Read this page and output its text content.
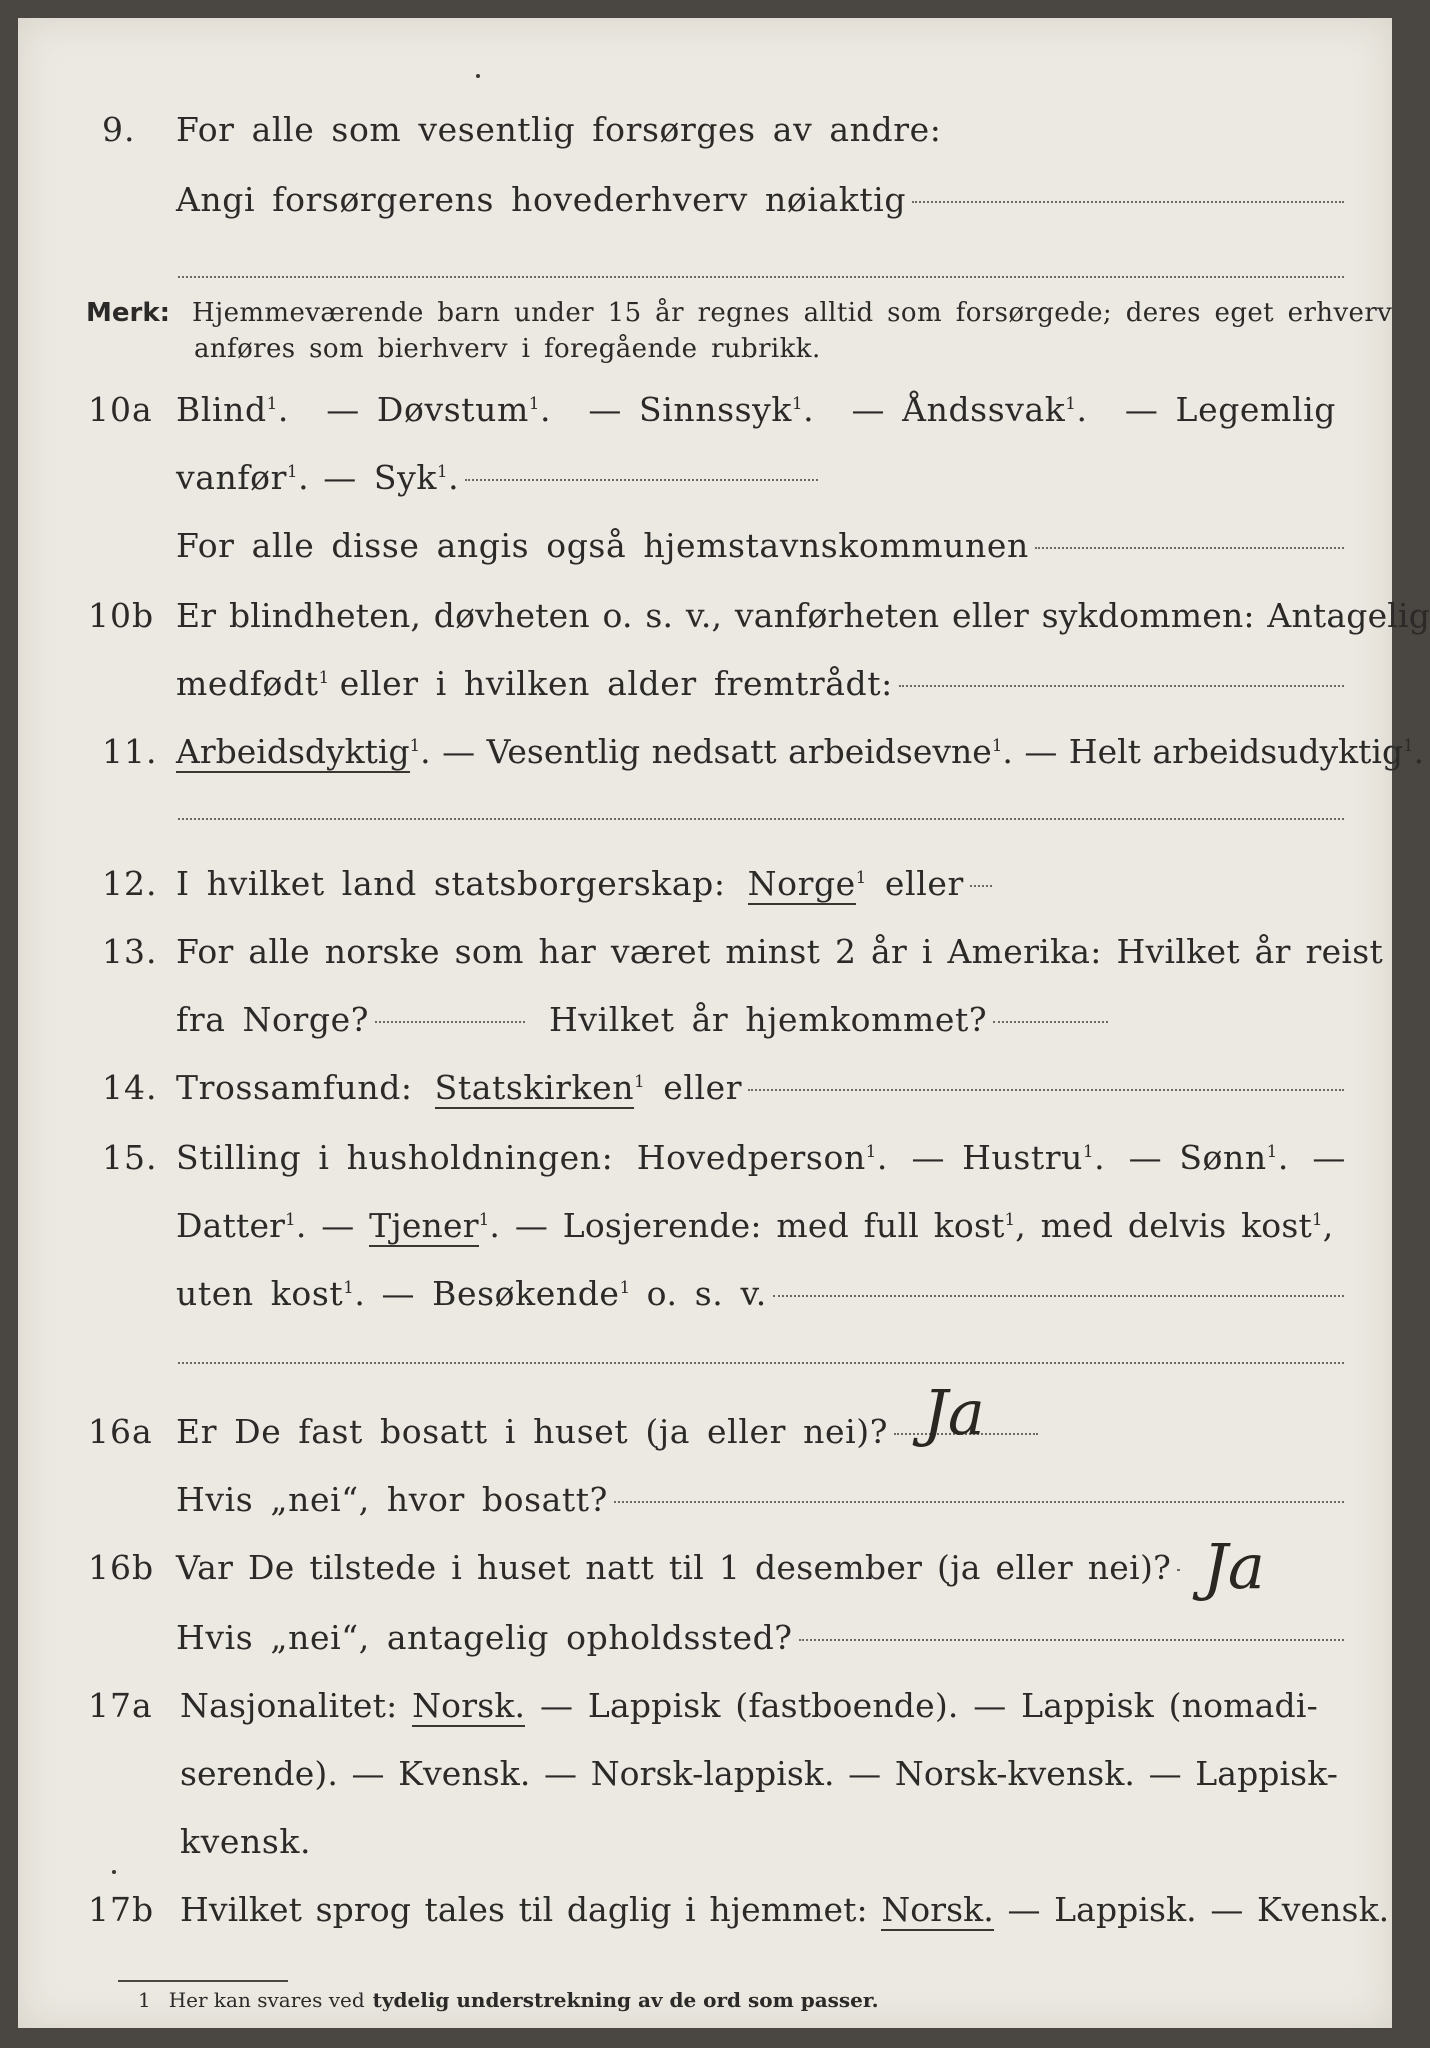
9.	For alle som vesentlig forsørges av andre:
Angi forsørgerens hovederhverv nøiaktig
Merk: Hjemmeværende barn under 15 år regnes alltid som forsørgede; deres eget erhverv
anføres som bierhverv i foregående rubrikk.
10a Blind$^1$. — Døvstum$^1$. — Sinnssyk$^1$. — Åndssvak$^1$. — Legemlig
vanfør$^1$. — Syk$^1$.
For alle disse angis også hjemstavnskommunen
10b Er blindheten, døvheten o. s. v., vanførheten eller sykdommen: Antagelig
medfødt$^1$ eller i hvilken alder fremtrådt:
11. Arbeidsdyktig$^1$. — Vesentlig nedsatt arbeidsevne$^1$. — Helt arbeidsudyktig$^1$.
12. I hvilket land statsborgerskap: Norge$^1$ eller
13. For alle norske som har været minst 2 år i Amerika: Hvilket år reist
fra Norge?	Hvilket år hjemkommet?
14. Trossamfund: Statskirken$^1$ eller
15. Stilling i husholdningen: Hovedperson$^1$. — Hustru$^1$. — Sønn$^1$. —
Datter$^1$. — Tjener$^1$. — Losjerende: med full kost$^1$, med delvis kost$^1$,
uten kost$^1$. — Besøkende$^1$ o. s. v.
16a Er De fast bosatt i huset (ja eller nei)? Ja
Hvis „nei“, hvor bosatt?
16b Var De tilstede i huset natt til 1 desember (ja eller nei)? Ja
Hvis „nei“, antagelig opholdssted?
17a Nasjonalitet: Norsk. — Lappisk (fastboende). — Lappisk (nomadi-
serende). — Kvensk. — Norsk-lappisk. — Norsk-kvensk. — Lappisk-
kvensk.
17b Hvilket sprog tales til daglig i hjemmet: Norsk. — Lappisk. — Kvensk.
1 Her kan svares ved tydelig understrekning av de ord som passer.
